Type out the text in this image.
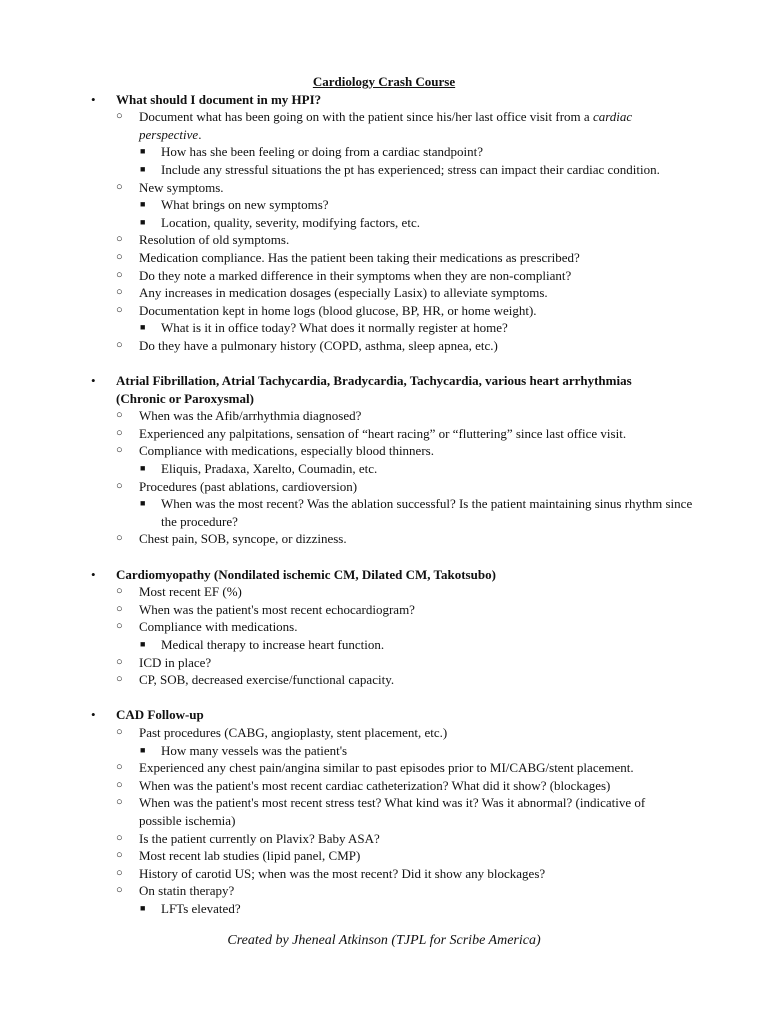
Cardiology Crash Course
• What should I document in my HPI?
○ Document what has been going on with the patient since his/her last office visit from a cardiac perspective.
■ How has she been feeling or doing from a cardiac standpoint?
■ Include any stressful situations the pt has experienced; stress can impact their cardiac condition.
○ New symptoms.
■ What brings on new symptoms?
■ Location, quality, severity, modifying factors, etc.
○ Resolution of old symptoms.
○ Medication compliance. Has the patient been taking their medications as prescribed?
○ Do they note a marked difference in their symptoms when they are non-compliant?
○ Any increases in medication dosages (especially Lasix) to alleviate symptoms.
○ Documentation kept in home logs (blood glucose, BP, HR, or home weight).
■ What is it in office today? What does it normally register at home?
○ Do they have a pulmonary history (COPD, asthma, sleep apnea, etc.)
• Atrial Fibrillation, Atrial Tachycardia, Bradycardia, Tachycardia, various heart arrhythmias (Chronic or Paroxysmal)
○ When was the Afib/arrhythmia diagnosed?
○ Experienced any palpitations, sensation of “heart racing” or “fluttering” since last office visit.
○ Compliance with medications, especially blood thinners.
■ Eliquis, Pradaxa, Xarelto, Coumadin, etc.
○ Procedures (past ablations, cardioversion)
■ When was the most recent? Was the ablation successful? Is the patient maintaining sinus rhythm since the procedure?
○ Chest pain, SOB, syncope, or dizziness.
• Cardiomyopathy (Nondilated ischemic CM, Dilated CM, Takotsubo)
○ Most recent EF (%)
○ When was the patient's most recent echocardiogram?
○ Compliance with medications.
■ Medical therapy to increase heart function.
○ ICD in place?
○ CP, SOB, decreased exercise/functional capacity.
• CAD Follow-up
○ Past procedures (CABG, angioplasty, stent placement, etc.)
■ How many vessels was the patient's
○ Experienced any chest pain/angina similar to past episodes prior to MI/CABG/stent placement.
○ When was the patient's most recent cardiac catheterization? What did it show? (blockages)
○ When was the patient's most recent stress test? What kind was it? Was it abnormal? (indicative of possible ischemia)
○ Is the patient currently on Plavix? Baby ASA?
○ Most recent lab studies (lipid panel, CMP)
○ History of carotid US; when was the most recent? Did it show any blockages?
○ On statin therapy?
■ LFTs elevated?
Created by Jheneal Atkinson (TJPL for Scribe America)
